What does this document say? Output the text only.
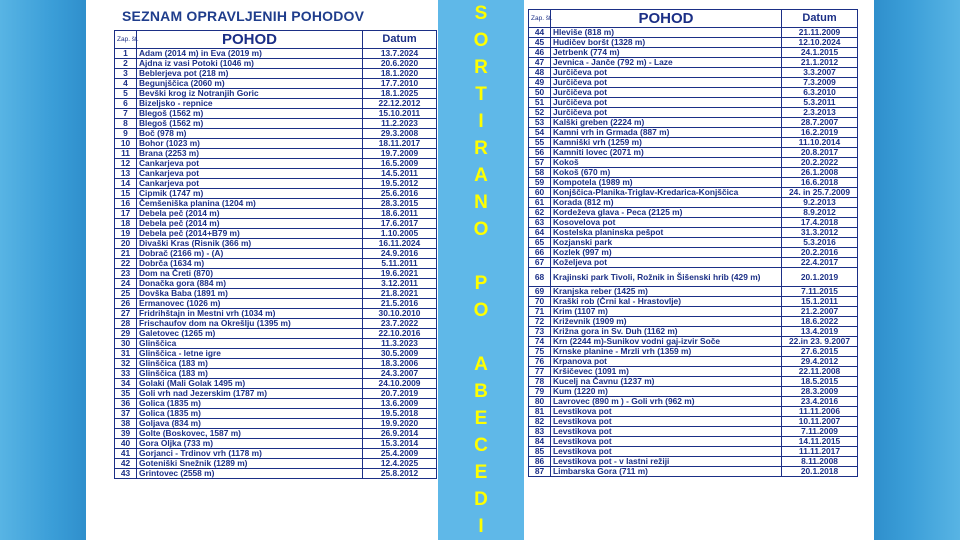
S
O
R
T
I
R
A
N
O
P
O
A
B
E
C
E
D
I
SEZNAM OPRAVLJENIH POHODOV
Zap. št.	POHOD	Datum
1	Adam (2014 m) in Eva (2019 m)	13.7.2024
2	Ajdna iz vasi Potoki (1046 m)	20.6.2020
3	Beblerjeva pot (218 m)	18.1.2020
4	Begunjščica (2060 m)	17.7.2010
5	Bevški krog iz Notranjih Goric	18.1.2025
6	Bizeljsko - repnice	22.12.2012
7	Blegoš (1562 m)	15.10.2011
8	Blegoš (1562 m)	11.2.2023
9	Boč (978 m)	29.3.2008
10	Bohor (1023 m)	18.11.2017
11	Brana (2253 m)	19.7.2009
12	Cankarjeva pot	16.5.2009
13	Cankarjeva pot	14.5.2011
14	Cankarjeva pot	19.5.2012
15	Cipmik (1747 m)	25.6.2016
16	Čemšeniška planina (1204 m)	28.3.2015
17	Debela peč (2014 m)	18.6.2011
18	Debela peč (2014 m)	17.6.2017
19	Debela peč (2014+B79 m)	1.10.2005
20	Divaški Kras (Risnik (366 m)	16.11.2024
21	Dobrač (2166 m) - (A)	24.9.2016
22	Dobrča (1634 m)	5.11.2011
23	Dom na Čreti (870)	19.6.2021
24	Donačka gora (884 m)	3.12.2011
25	Dovška Baba (1891 m)	21.8.2021
26	Ermanovec (1026 m)	21.5.2016
27	Fridrihštajn in Mestni vrh (1034 m)	30.10.2010
28	Frischaufov dom na Okrešlju (1395 m)	23.7.2022
29	Galetovec (1265 m)	22.10.2016
30	Glinščica	11.3.2023
31	Glinščica - letne igre	30.5.2009
32	Glinščica (183 m)	18.3.2006
33	Glinščica (183 m)	24.3.2007
34	Golaki (Mali Golak 1495 m)	24.10.2009
35	Goli vrh nad Jezerskim (1787 m)	20.7.2019
36	Golica (1835 m)	13.6.2009
37	Golica (1835 m)	19.5.2018
38	Goljava (834 m)	19.9.2020
39	Golte (Boskovec, 1587 m)	26.9.2014
40	Gora Oljka (733 m)	15.3.2014
41	Gorjanci - Trdinov vrh (1178 m)	25.4.2009
42	Goteniški Snežnik (1289 m)	12.4.2025
43	Grintovec (2558 m)	25.8.2012
Zap. št.	POHOD	Datum
44	Hlevišе (818 m)	21.11.2009
45	Hudičev boršt (1328 m)	12.10.2024
46	Jetrbenk (774 m)	24.1.2015
47	Jevnica - Janče (792 m) - Laze	21.1.2012
48	Jurčičeva pot	3.3.2007
49	Jurčičeva pot	7.3.2009
50	Jurčičeva pot	6.3.2010
51	Jurčičeva pot	5.3.2011
52	Jurčičeva pot	2.3.2013
53	Kalški greben (2224 m)	28.7.2007
54	Kamni vrh in Grmada (887 m)	16.2.2019
55	Kamniški vrh (1259 m)	11.10.2014
56	Kamniti lovec (2071 m)	20.8.2017
57	Kokoš	20.2.2022
58	Kokoš (670 m)	26.1.2008
59	Kompotela (1989 m)	16.6.2018
60	Konjščica-Planika-Triglav-Kredarica-Konjščica	24. in 25.7.2009
61	Korada (812 m)	9.2.2013
62	Kordeževa glava - Peca (2125 m)	8.9.2012
63	Kosovelova pot	17.4.2018
64	Kostelska planinska pešpot	31.3.2012
65	Kozjanski park	5.3.2016
66	Kozlek (997 m)	20.2.2016
67	Koželjeva pot	22.4.2017
68	Krajinski park Tivoli, Rožnik in Šišenski hrib (429 m)	20.1.2019
69	Kranjska reber (1425 m)	7.11.2015
70	Kraški rob (Črni kal - Hrastovlje)	15.1.2011
71	Krim (1107 m)	21.2.2007
72	Križevnik (1909 m)	18.6.2022
73	Križna gora in Sv. Duh (1162 m)	13.4.2019
74	Krn (2244 m)-Sunikov vodni gaj-izvir Soče	22.in 23. 9.2007
75	Krnske planine - Mrzli vrh (1359 m)	27.6.2015
76	Krpanova pot	29.4.2012
77	Kršičevec (1091 m)	22.11.2008
78	Kucelj na Čavnu (1237 m)	18.5.2015
79	Kum (1220 m)	28.3.2009
80	Lavrovec (890 m ) - Goli vrh (962 m)	23.4.2016
81	Levstikova pot	11.11.2006
82	Levstikova pot	10.11.2007
83	Levstikova pot	7.11.2009
84	Levstikova pot	14.11.2015
85	Levstikova pot	11.11.2017
86	Levstikova pot - v lastni režiji	8.11.2008
87	Limbarska Gora (711 m)	20.1.2018
